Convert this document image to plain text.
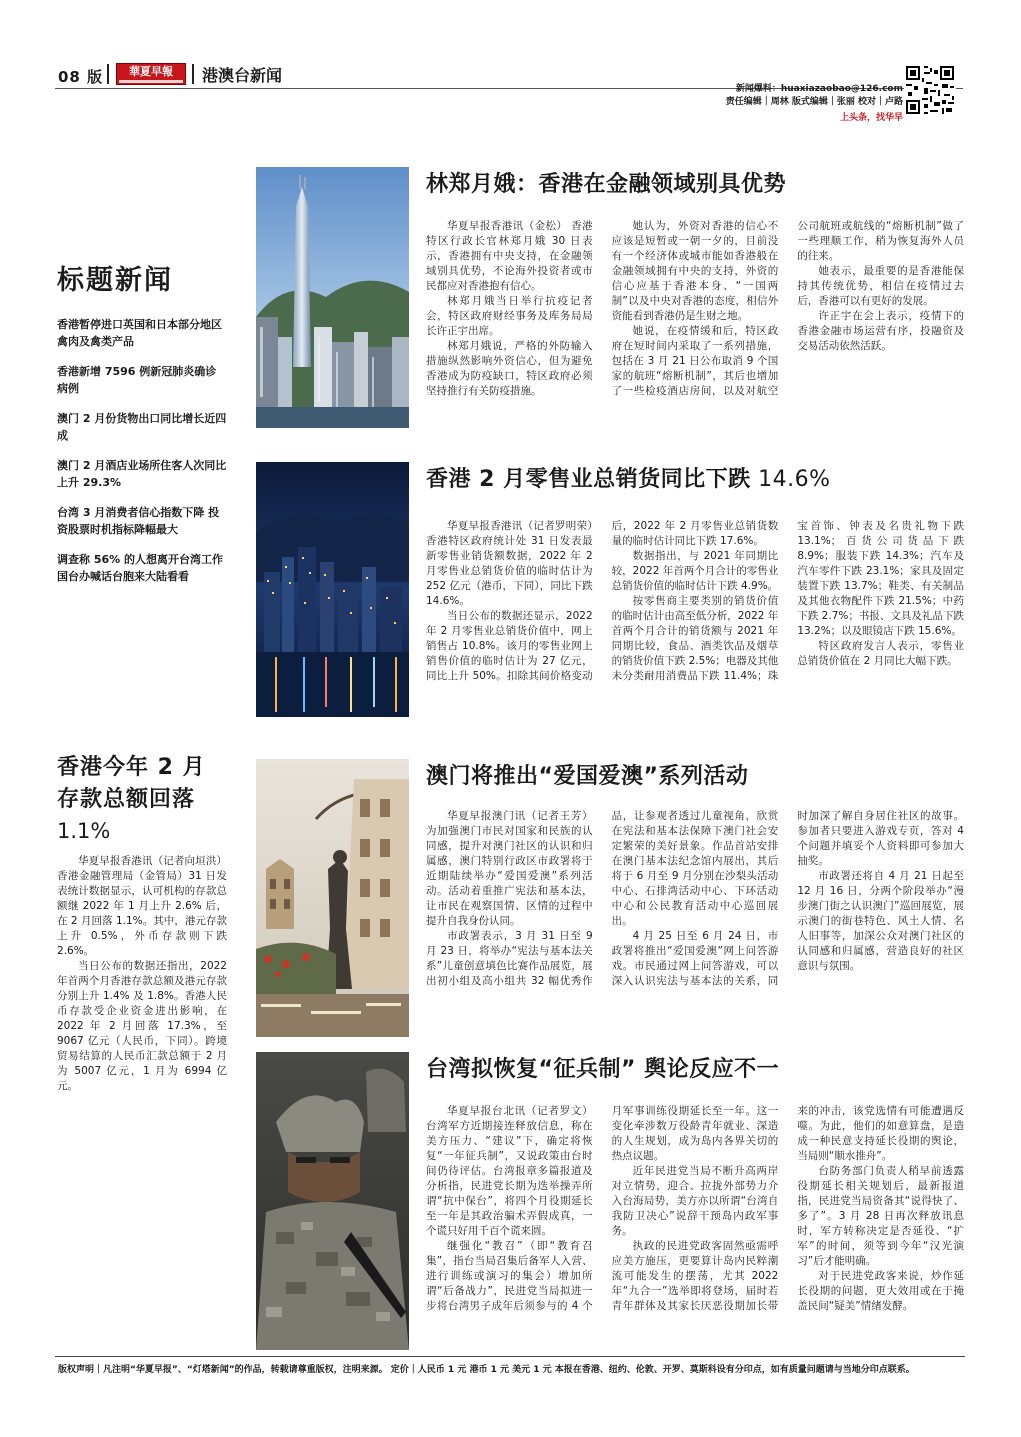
08 版	華夏早報	港澳台新闻
新闻爆料：huaxiazaobao@126.com
责任编辑｜周林 版式编辑｜张丽 校对｜卢路
上头条，找华早
标题新闻
香港暂停进口英国和日本部分地区禽肉及禽类产品
香港新增 7596 例新冠肺炎确诊病例
澳门 2 月份货物出口同比增长近四成
澳门 2 月酒店业场所住客人次同比上升 29.3%
台湾 3 月消费者信心指数下降 投资股票时机指标降幅最大
调查称 56% 的人想离开台湾工作 国台办喊话台胞来大陆看看
香港今年 2 月
存款总额回落
1.1%

华夏早报香港讯（记者向垣洪） 香港金融管理局（金管局）31 日发表统计数据显示，认可机构的存款总额继 2022 年 1 月上升 2.6% 后，在 2 月回落 1.1%。其中，港元存款上升 0.5%，外币存款则下跌 2.6%。

当日公布的数据还指出，2022 年首两个月香港存款总额及港元存款分别上升 1.4% 及 1.8%。香港人民币存款受企业资金进出影响，在 2022 年 2 月回落 17.3%，至 9067 亿元（人民币，下同）。跨境贸易结算的人民币汇款总额于 2 月为 5007 亿元，1 月为 6994 亿元。

林郑月娥：香港在金融领域别具优势

华夏早报香港讯（金松） 香港特区行政长官林郑月娥 30 日表示，香港拥有中央支持，在金融领域别具优势，不论海外投资者或市民都应对香港抱有信心。

林郑月娥当日举行抗疫记者会，特区政府财经事务及库务局局长许正宇出席。

林郑月娥说，严格的外防输入措施纵然影响外资信心，但为避免香港成为防疫缺口，特区政府必须坚持推行有关防疫措施。

她认为，外资对香港的信心不应该是短暂或一朝一夕的，目前没有一个经济体或城市能如香港般在金融领域拥有中央的支持，外资的信心应基于香港本身、“一国两制”以及中央对香港的态度，相信外资能看到香港仍是生财之地。

她说，在疫情缓和后，特区政府在短时间内采取了一系列措施，包括在 3 月 21 日公布取消 9 个国家的航班“熔断机制”，其后也增加了一些检疫酒店房间，以及对航空公司航班或航线的“熔断机制”做了一些理顺工作，稍为恢复海外人员的往来。

她表示，最重要的是香港能保持其传统优势，相信在疫情过去后，香港可以有更好的发展。

许正宇在会上表示，疫情下的香港金融市场运营有序，投融资及交易活动依然活跃。

香港 2 月零售业总销货同比下跌 14.6%

华夏早报香港讯（记者罗明荣）香港特区政府统计处 31 日发表最新零售业销货额数据，2022 年 2 月零售业总销货价值的临时估计为 252 亿元（港币，下同），同比下跌 14.6%。

当日公布的数据还显示，2022 年 2 月零售业总销货价值中，网上销售占 10.8%。该月的零售业网上销售价值的临时估计为 27 亿元，同比上升 50%。扣除其间价格变动后，2022 年 2 月零售业总销货数量的临时估计同比下跌 17.6%。

数据指出，与 2021 年同期比较，2022 年首两个月合计的零售业总销货价值的临时估计下跌 4.9%。

按零售商主要类别的销货价值的临时估计由高至低分析，2022 年首两个月合计的销货额与 2021 年同期比较，食品、酒类饮品及烟草的销货价值下跌 2.5%；电器及其他未分类耐用消费品下跌 11.4%；珠宝首饰、钟表及名贵礼物下跌 13.1%；百货公司货品下跌 8.9%；服装下跌 14.3%；汽车及汽车零件下跌 23.1%；家具及固定装置下跌 13.7%；鞋类、有关制品及其他衣物配件下跌 21.5%；中药下跌 2.7%；书报、文具及礼品下跌 13.2%；以及眼镜店下跌 15.6%。

特区政府发言人表示，零售业总销货价值在 2 月同比大幅下跌。

澳门将推出“爱国爱澳”系列活动

华夏早报澳门讯（记者王芳）为加强澳门市民对国家和民族的认同感，提升对澳门社区的认识和归属感，澳门特别行政区市政署将于近期陆续举办“爱国爱澳”系列活动。活动着重推广宪法和基本法，让市民在观察国情、区情的过程中提升自我身份认同。

市政署表示，3 月 31 日至 9 月 23 日，将举办“宪法与基本法关系”儿童创意填色比赛作品展览，展出初小组及高小组共 32 幅优秀作品，让参观者透过儿童视角，欣赏在宪法和基本法保障下澳门社会安定繁荣的美好景象。作品首站安排在澳门基本法纪念馆内展出，其后将于 6 月至 9 月分别在沙梨头活动中心、石排湾活动中心、下环活动中心和公民教育活动中心巡回展出。

4 月 25 日至 6 月 24 日，市政署将推出“爱国爱澳”网上问答游戏。市民通过网上问答游戏，可以深入认识宪法与基本法的关系，同时加深了解自身居住社区的故事。参加者只要进入游戏专页，答对 4 个问题并填妥个人资料即可参加大抽奖。

市政署还将自 4 月 21 日起至 12 月 16 日，分两个阶段举办“漫步澳门街之认识澳门”巡回展览，展示澳门的街巷特色、风土人情、名人旧事等，加深公众对澳门社区的认同感和归属感，营造良好的社区意识与氛围。

台湾拟恢复“征兵制” 舆论反应不一

华夏早报台北讯（记者罗文）台湾军方近期接连释放信息，称在美方压力、“建议”下，确定将恢复“一年征兵制”，又说政策由台时间仍待评估。台湾报章多篇报道及分析指，民进党长期为迭举操弄所谓“抗中保台”，将四个月役期延长至一年是其政治骗术弄假成真，一个谎只好用千百个谎来圆。

继强化“教召”（即“教育召集”，指台当局召集后备军人入营、进行训练或演习的集会）增加所谓“后备战力”，民进党当局拟进一步将台湾男子成年后须参与的 4 个月军事训练役期延长至一年。这一变化牵涉数万役龄青年就业、深造的人生规划，成为岛内各界关切的热点议题。

近年民进党当局不断升高两岸对立情势，迎合、拉拢外部势力介入台海局势，美方亦以所谓“台湾自我防卫决心”说辞干预岛内政军事务。

执政的民进党政客固然亟需呼应美方施压，更要算计岛内民粹潮流可能发生的摆荡，尤其 2022 年“九合一”选举即将登场，届时若青年群体及其家长厌恶役期加长带来的冲击，该党选情有可能遭遇反噬。为此，他们的如意算盘，是造成一种民意支持延长役期的舆论，当局则“顺水推舟”。

台防务部门负责人稍早前透露役期延长相关规划后，最新报道指，民进党当局资备其“说得快了、多了”。3 月 28 日再次释放讯息时，军方转称决定是否延役、“扩军”的时间，须等到今年“汉光演习”后才能明确。

对于民进党政客来说，炒作延长役期的问题，更大效用或在于掩盖民间“疑美”情绪发酵。

版权声明｜凡注明“华夏早报”、“灯塔新闻”的作品，转载请尊重版权，注明来源。 定价｜人民币 1 元 港币 1 元 美元 1 元 本报在香港、纽约、伦敦、开罗、莫斯科设有分印点，如有质量问题请与当地分印点联系。
